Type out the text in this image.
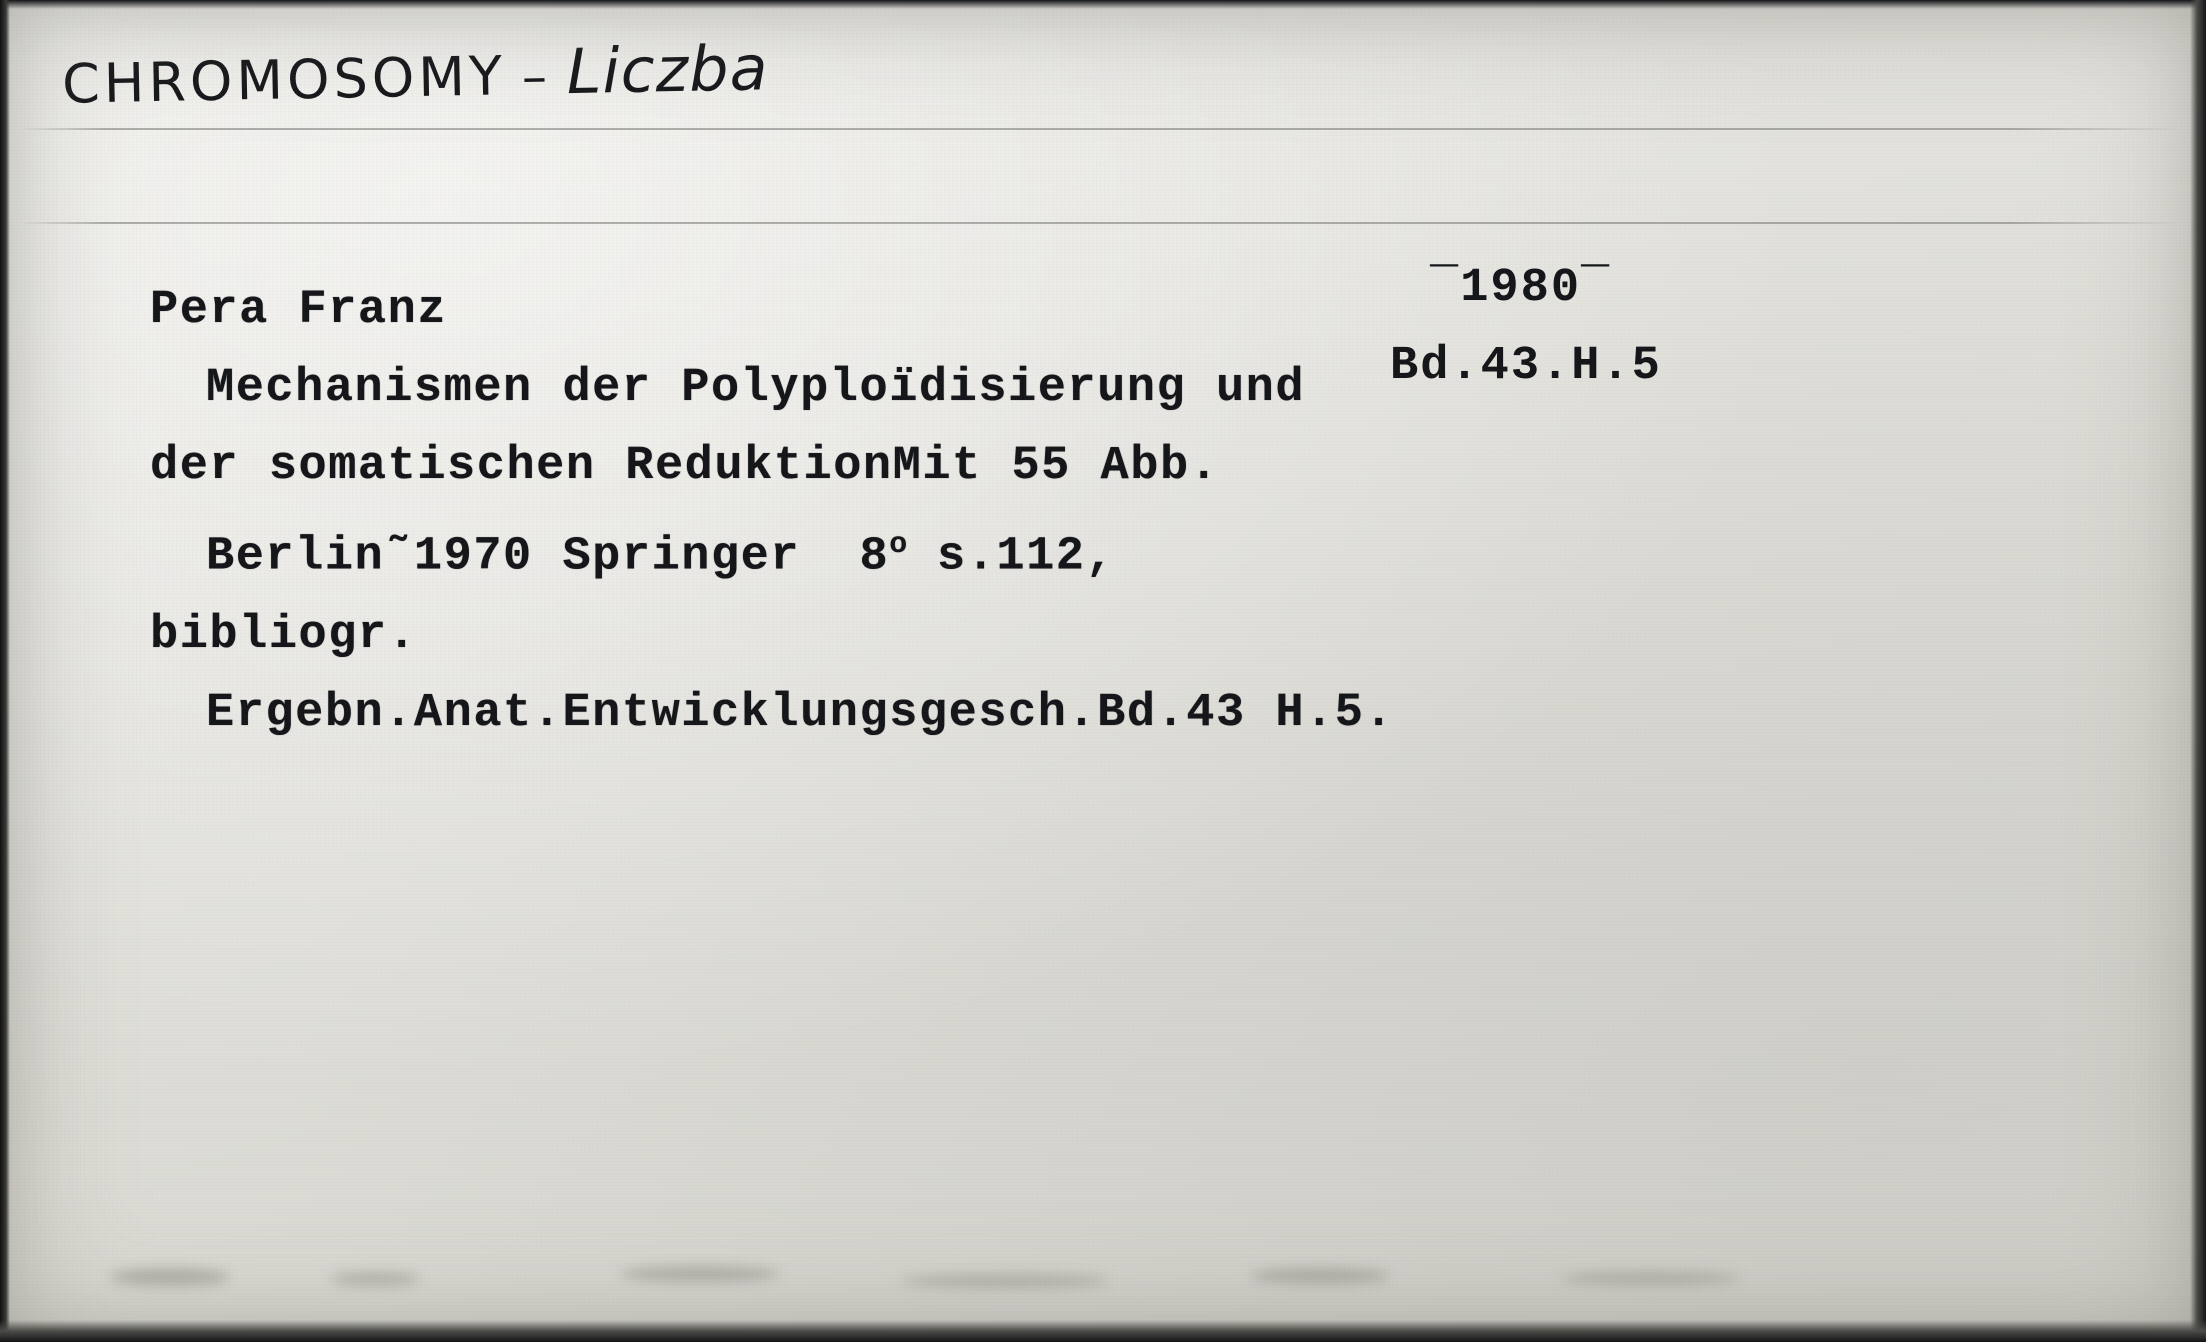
CHROMOSOMY – Liczba
‾1980‾
Bd.43.H.5
Pera Franz
Mechanismen der Polyploïdisierung und
der somatischen ReduktionMit 55 Abb.
Berlin˜1970 Springer 8$^o$ s.112,
bibliogr.
Ergebn.Anat.Entwicklungsgesch.Bd.43 H.5.
